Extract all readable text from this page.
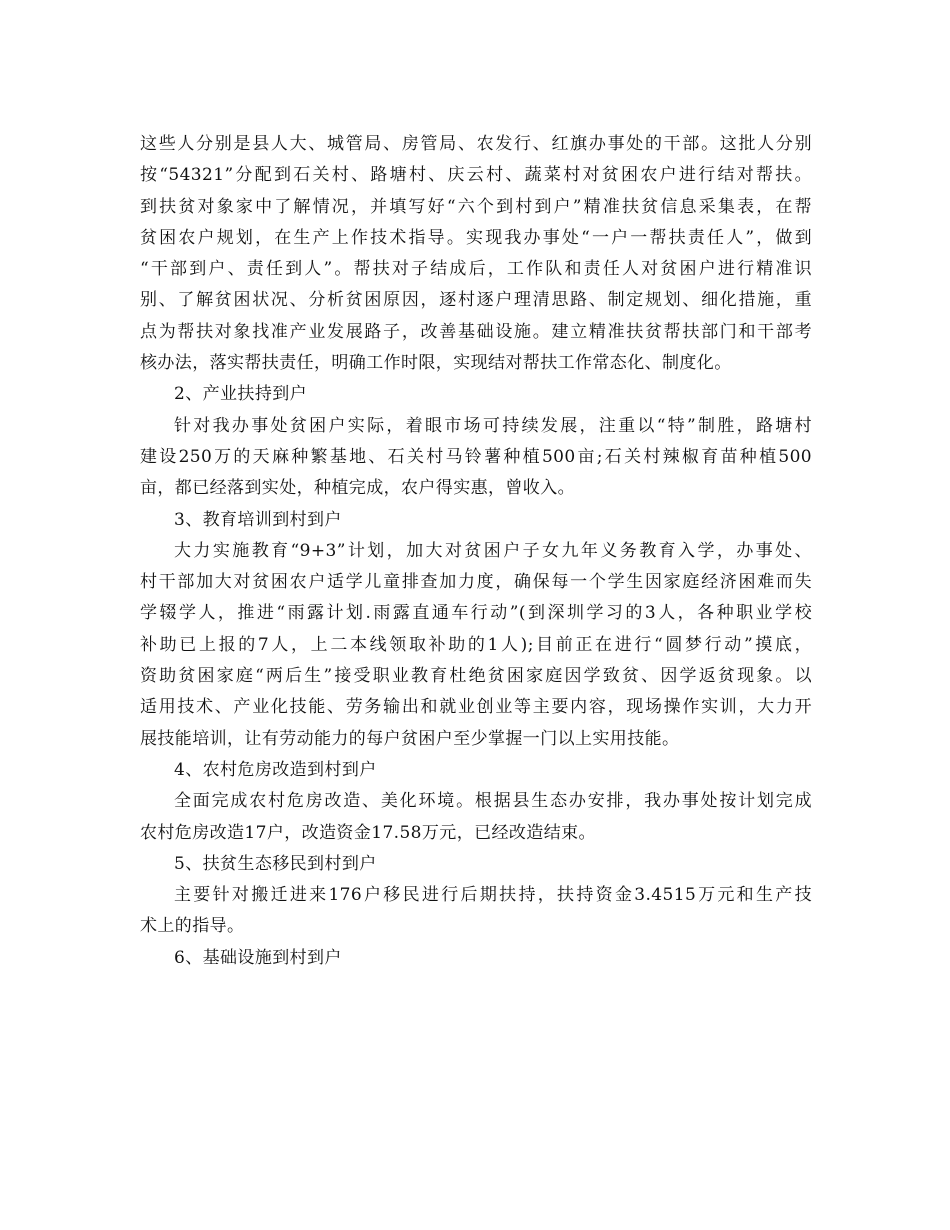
这些人分别是县人大、城管局、房管局、农发行、红旗办事处的干部。这批人分别
按“54321”分配到石关村、路塘村、庆云村、蔬菜村对贫困农户进行结对帮扶。
到扶贫对象家中了解情况，并填写好“六个到村到户”精准扶贫信息采集表，在帮
贫困农户规划，在生产上作技术指导。实现我办事处“一户一帮扶责任人”，做到
“干部到户、责任到人”。帮扶对子结成后，工作队和责任人对贫困户进行精准识
别、了解贫困状况、分析贫困原因，逐村逐户理清思路、制定规划、细化措施，重
点为帮扶对象找准产业发展路子，改善基础设施。建立精准扶贫帮扶部门和干部考
核办法，落实帮扶责任，明确工作时限，实现结对帮扶工作常态化、制度化。
2、产业扶持到户
针对我办事处贫困户实际，着眼市场可持续发展，注重以“特”制胜，路塘村
建设250万的天麻种繁基地、石关村马铃薯种植500亩;石关村辣椒育苗种植500
亩，都已经落到实处，种植完成，农户得实惠，曾收入。
3、教育培训到村到户
大力实施教育“9+3”计划，加大对贫困户子女九年义务教育入学，办事处、
村干部加大对贫困农户适学儿童排查加力度，确保每一个学生因家庭经济困难而失
学辍学人，推进“雨露计划.雨露直通车行动”(到深圳学习的3人，各种职业学校
补助已上报的7人，上二本线领取补助的1人);目前正在进行“圆梦行动”摸底，
资助贫困家庭“两后生”接受职业教育杜绝贫困家庭因学致贫、因学返贫现象。以
适用技术、产业化技能、劳务输出和就业创业等主要内容，现场操作实训，大力开
展技能培训，让有劳动能力的每户贫困户至少掌握一门以上实用技能。
4、农村危房改造到村到户
全面完成农村危房改造、美化环境。根据县生态办安排，我办事处按计划完成
农村危房改造17户，改造资金17.58万元，已经改造结束。
5、扶贫生态移民到村到户
主要针对搬迁进来176户移民进行后期扶持，扶持资金3.4515万元和生产技
术上的指导。
6、基础设施到村到户
